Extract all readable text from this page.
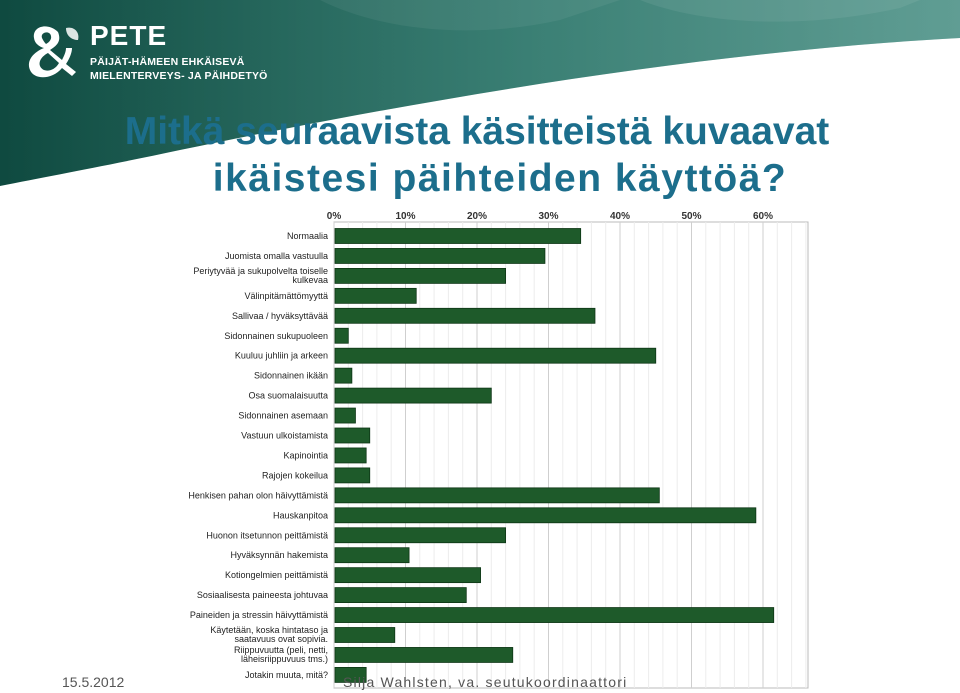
PETE
PÄIJÄT-HÄMEEN EHKÄISEVÄ
MIELENTERVEYS- JA PÄIHDETYÖ
Mitkä seuraavista käsitteistä kuvaavat
ikäistesi päihteiden käyttöä?
0%	10%	20%	30%	40%	50%	60%
Normaalia
Juomista omalla vastuulla
Periytyvää ja sukupolvelta toiselle kulkevaa
Välinpitämättömyyttä
Sallivaa / hyväksyttävää
Sidonnainen sukupuoleen
Kuuluu juhliin ja arkeen
Sidonnainen ikään
Osa suomalaisuutta
Sidonnainen asemaan
Vastuun ulkoistamista
Kapinointia
Rajojen kokeilua
Henkisen pahan olon häivyttämistä
Hauskanpitoa
Huonon itsetunnon peittämistä
Hyväksynnän hakemista
Kotiongelmien peittämistä
Sosiaalisesta paineesta johtuvaa
Paineiden ja stressin häivyttämistä
Käytetään, koska hintataso ja saatavuus ovat sopivia.
Riippuvuutta (peli, netti, läheisriippuvuus tms.)
Jotakin muuta, mitä?
15.5.2012	Silja Wahlsten, va. seutukoordinaattori
